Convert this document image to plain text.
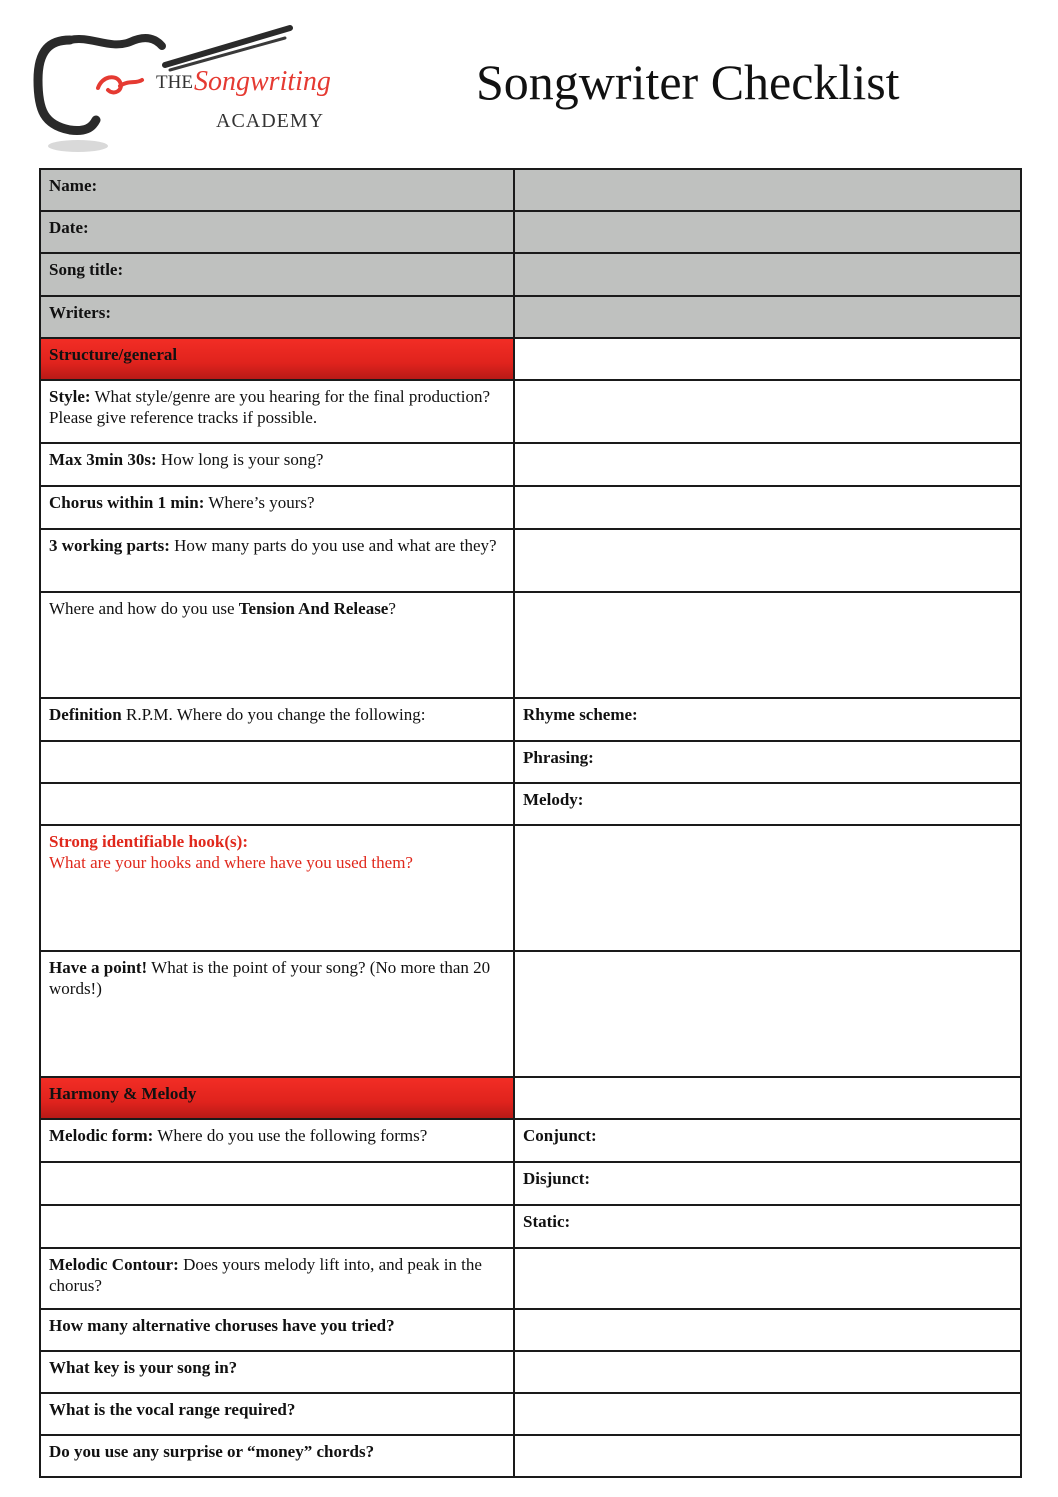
THE Songwriting
ACADEMY
Songwriter Checklist
Name:	
Date:	
Song title:	
Writers:	
Structure/general	
Style: What style/genre are you hearing for the final production? Please give reference tracks if possible.	
Max 3min 30s: How long is your song?	
Chorus within 1 min: Where’s yours?	
3 working parts: How many parts do you use and what are they?	
Where and how do you use Tension And Release?	
Definition R.P.M. Where do you change the following:	Rhyme scheme:
	Phrasing:
	Melody:
Strong identifiable hook(s):
What are your hooks and where have you used them?	
Have a point! What is the point of your song? (No more than 20 words!)	
Harmony & Melody	
Melodic form: Where do you use the following forms?	Conjunct:
	Disjunct:
	Static:
Melodic Contour: Does yours melody lift into, and peak in the chorus?	
How many alternative choruses have you tried?	
What key is your song in?	
What is the vocal range required?	
Do you use any surprise or “money” chords?	
